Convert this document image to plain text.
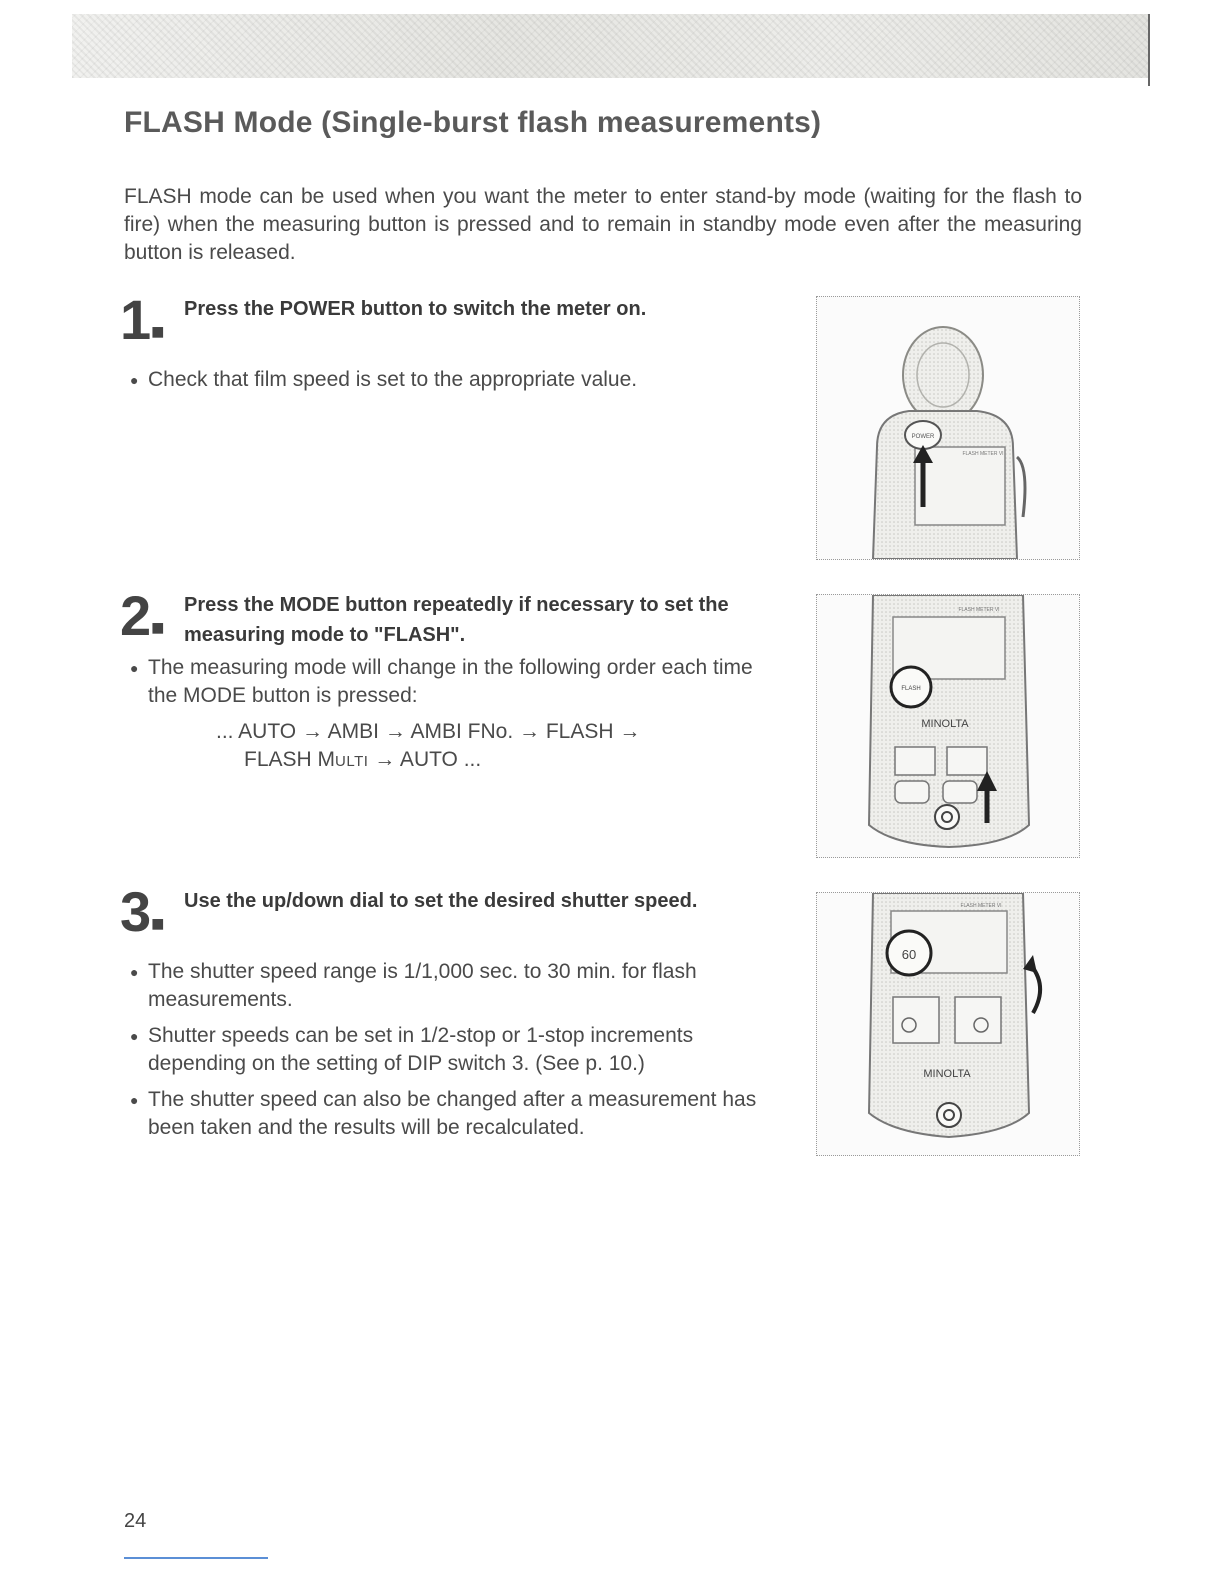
FLASH Mode (Single-burst flash measurements)

FLASH mode can be used when you want the meter to enter stand-by mode (waiting for the flash to fire) when the measuring button is pressed and to remain in standby mode even after the measuring button is released.

1■

Press the POWER button to switch the meter on.

● Check that film speed is set to the appropriate value.
2■

Press the MODE button repeatedly if necessary to set the measuring mode to "FLASH".

● The measuring mode will change in the following order each time the MODE button is pressed:
... AUTO → AMBI → AMBI FNo. → FLASH →
FLASH MULTI → AUTO ...
3■

Use the up/down dial to set the desired shutter speed.

● The shutter speed range is 1/1,000 sec. to 30 min. for flash measurements.
● Shutter speeds can be set in 1/2-stop or 1-stop increments depending on the setting of DIP switch 3. (See p. 10.)
● The shutter speed can also be changed after a measurement has been taken and the results will be recalculated.
POWER
FLASH METER VI
FLASH METER VI
FLASH
MINOLTA
FLASH METER VI
60
MINOLTA
24
